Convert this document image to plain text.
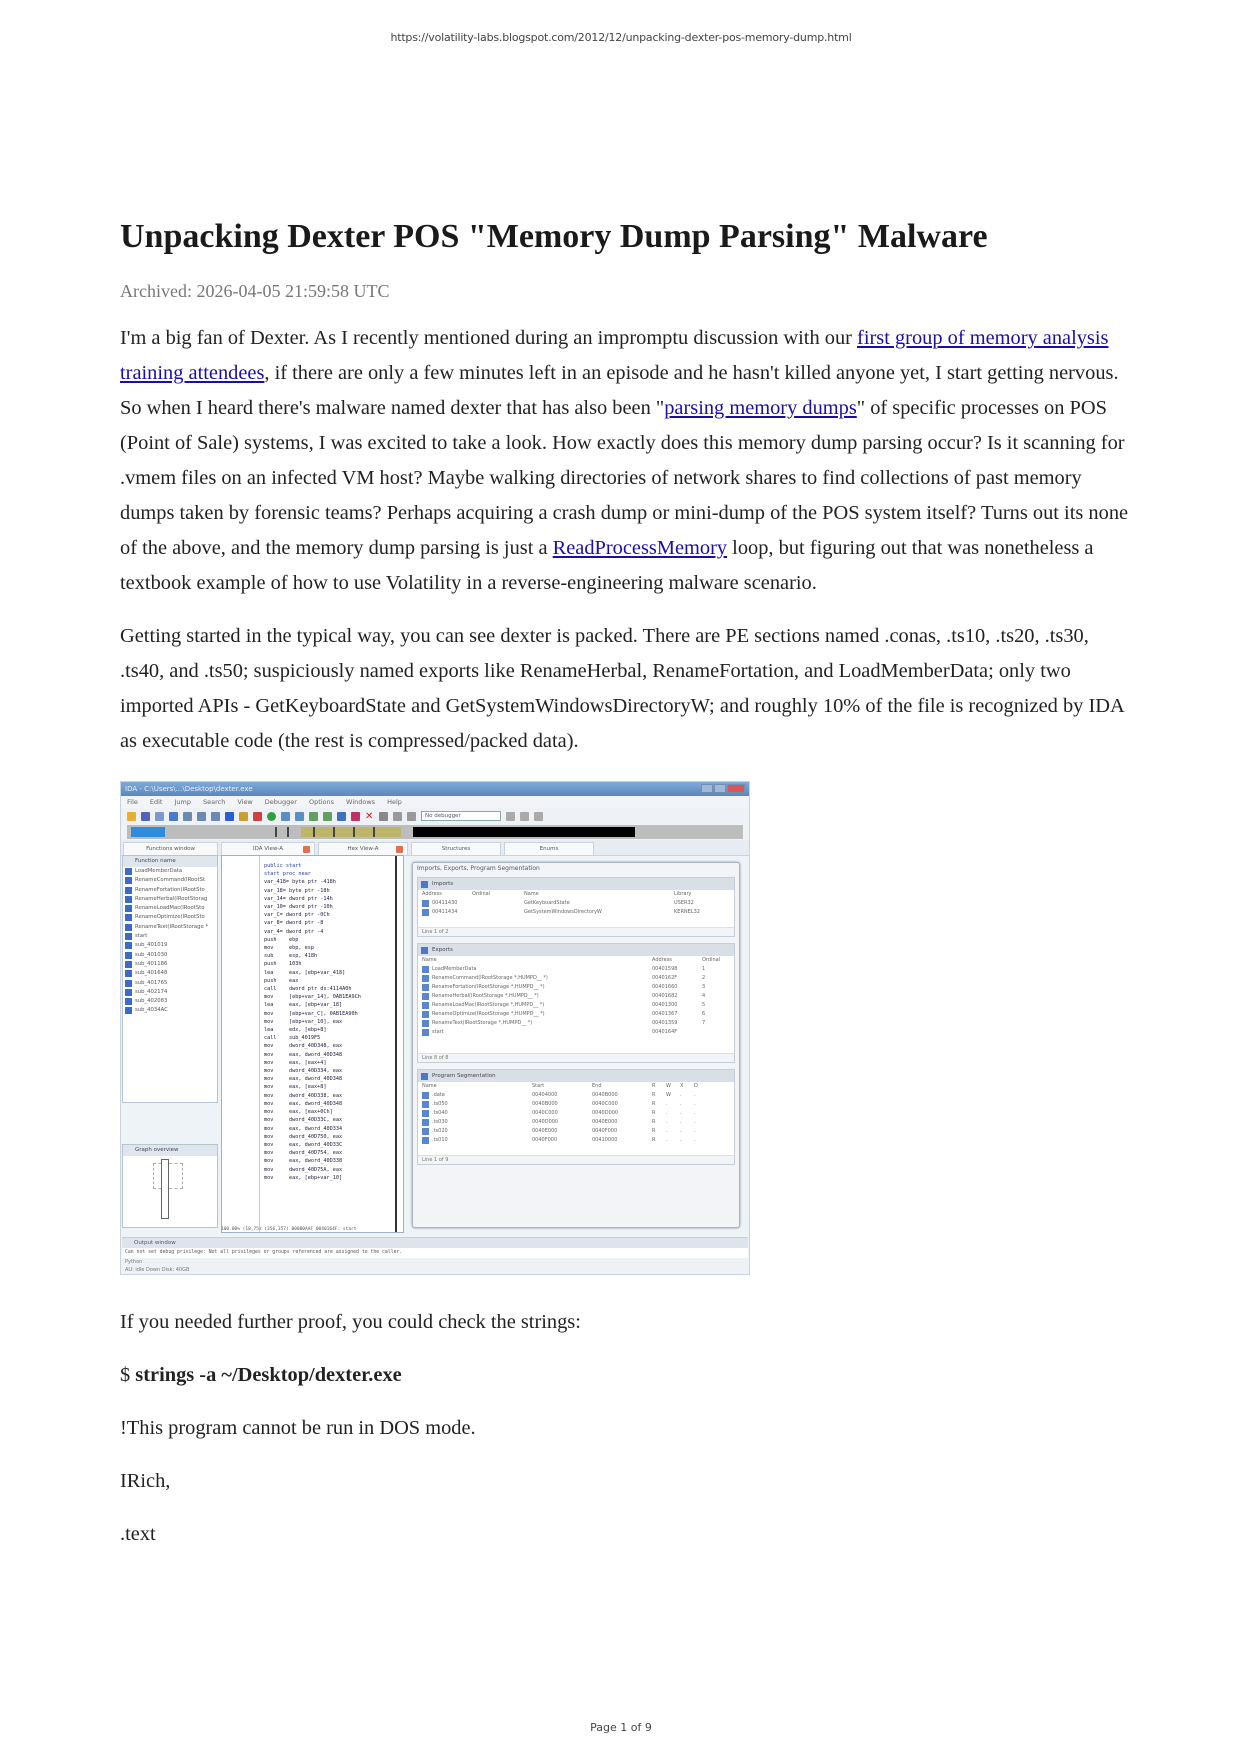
https://volatility-labs.blogspot.com/2012/12/unpacking-dexter-pos-memory-dump.html
Unpacking Dexter POS "Memory Dump Parsing" Malware
Archived: 2026-04-05 21:59:58 UTC

I'm a big fan of Dexter. As I recently mentioned during an impromptu discussion with our first group of memory analysis training attendees, if there are only a few minutes left in an episode and he hasn't killed anyone yet, I start getting nervous. So when I heard there's malware named dexter that has also been "parsing memory dumps" of specific processes on POS (Point of Sale) systems, I was excited to take a look. How exactly does this memory dump parsing occur? Is it scanning for .vmem files on an infected VM host? Maybe walking directories of network shares to find collections of past memory dumps taken by forensic teams? Perhaps acquiring a crash dump or mini-dump of the POS system itself? Turns out its none of the above, and the memory dump parsing is just a ReadProcessMemory loop, but figuring out that was nonetheless a textbook example of how to use Volatility in a reverse-engineering malware scenario.

Getting started in the typical way, you can see dexter is packed. There are PE sections named .conas, .ts10, .ts20, .ts30, .ts40, and .ts50; suspiciously named exports like RenameHerbal, RenameFortation, and LoadMemberData; only two imported APIs - GetKeyboardState and GetSystemWindowsDirectoryW; and roughly 10% of the file is recognized by IDA as executable code (the rest is compressed/packed data).

IDA - C:\Users\...\Desktop\dexter.exe
File Edit Jump Search View Debugger Options Windows Help
✕	No debugger
Functions window	IDA View-A	Hex View-A	Structures	Enums
Function name
LoadMemberData
RenameCommand(IRootSt
RenameFortation(IRootSto
RenameHerbal(IRootStorag
RenameLoadMac(IRootSto
RenameOptimize(IRootSto
RenameText(IRootStorage *
start
sub_401019
sub_401030
sub_401186
sub_401648
sub_401765
sub_402174
sub_402083
sub_4034AC
Graph overview
public start
start proc near
var_418= byte ptr -418h
var_18= byte ptr -18h
var_14= dword ptr -14h
var_10= dword ptr -10h
var_C= dword ptr -0Ch
var_8= dword ptr -8
var_4= dword ptr -4
push    ebp
mov     ebp, esp
sub     esp, 418h
push    103h
lea     eax, [ebp+var_418]
push    eax
call    dword ptr ds:4114A0h
mov     [ebp+var_14], 0AB1EA9Ch
lea     eax, [ebp+var_18]
mov     [ebp+var_C], 0AB1EA90h
mov     [ebp+var_10], eax
lea     edx, [ebp+8]
call    sub_4019F5
mov     dword_40D348, eax
mov     eax, dword_40D348
mov     eax, [eax+4]
mov     dword_40D334, eax
mov     eax, dword_40D348
mov     eax, [eax+8]
mov     dword_40D338, eax
mov     eax, dword_40D348
mov     eax, [eax+0Ch]
mov     dword_40D33C, eax
mov     eax, dword_40D334
mov     dword_40D750, eax
mov     eax, dword_40D33C
mov     dword_40D754, eax
mov     eax, dword_40D338
mov     dword_40D75A, eax
mov     eax, [ebp+var_10]
100.00% (18,75) (356,357) 00000AAF 0040164F: start
Imports, Exports, Program Segmentation
Imports
Address	Ordinal	Name	Library
00411430	GetKeyboardState	USER32
00411434	GetSystemWindowsDirectoryW	KERNEL32
Line 1 of 2
Exports
Name	Address	Ordinal
LoadMemberData	00401598	1
RenameCommand(IRootStorage *,HUMPD__ *)	0040162F	2
RenameFortation(IRootStorage *,HUMPD__ *)	00401660	3
RenameHerbal(IRootStorage *,HUMPD__ *)	00401682	4
RenameLoadMac(IRootStorage *,HUMPD__ *)	00401300	5
RenameOptimize(IRootStorage *,HUMPD__ *)	00401367	6
RenameText(IRootStorage *,HUMPD__ *)	00401359	7
start	0040164F
Line 8 of 8
Program Segmentation
Name	Start	End	R	W	X	D
.data	00404000	0040B000	R	W	.	.
.ts050	0040B000	0040C000	R	.	.	.
.ts040	0040C000	0040D000	R	.	.	.
.ts030	0040D000	0040E000	R	.	.	.
.ts020	0040E000	0040F000	R	.	.	.
.ts010	0040F000	00410000	R	.	.	.
Line 1 of 9
Output window
Can not set debug privilege: Not all privileges or groups referenced are assigned to the caller.
Python
AU: idle Down Disk: 40GB

If you needed further proof, you could check the strings:

$ strings -a ~/Desktop/dexter.exe

!This program cannot be run in DOS mode.

IRich,

.text

Page 1 of 9
